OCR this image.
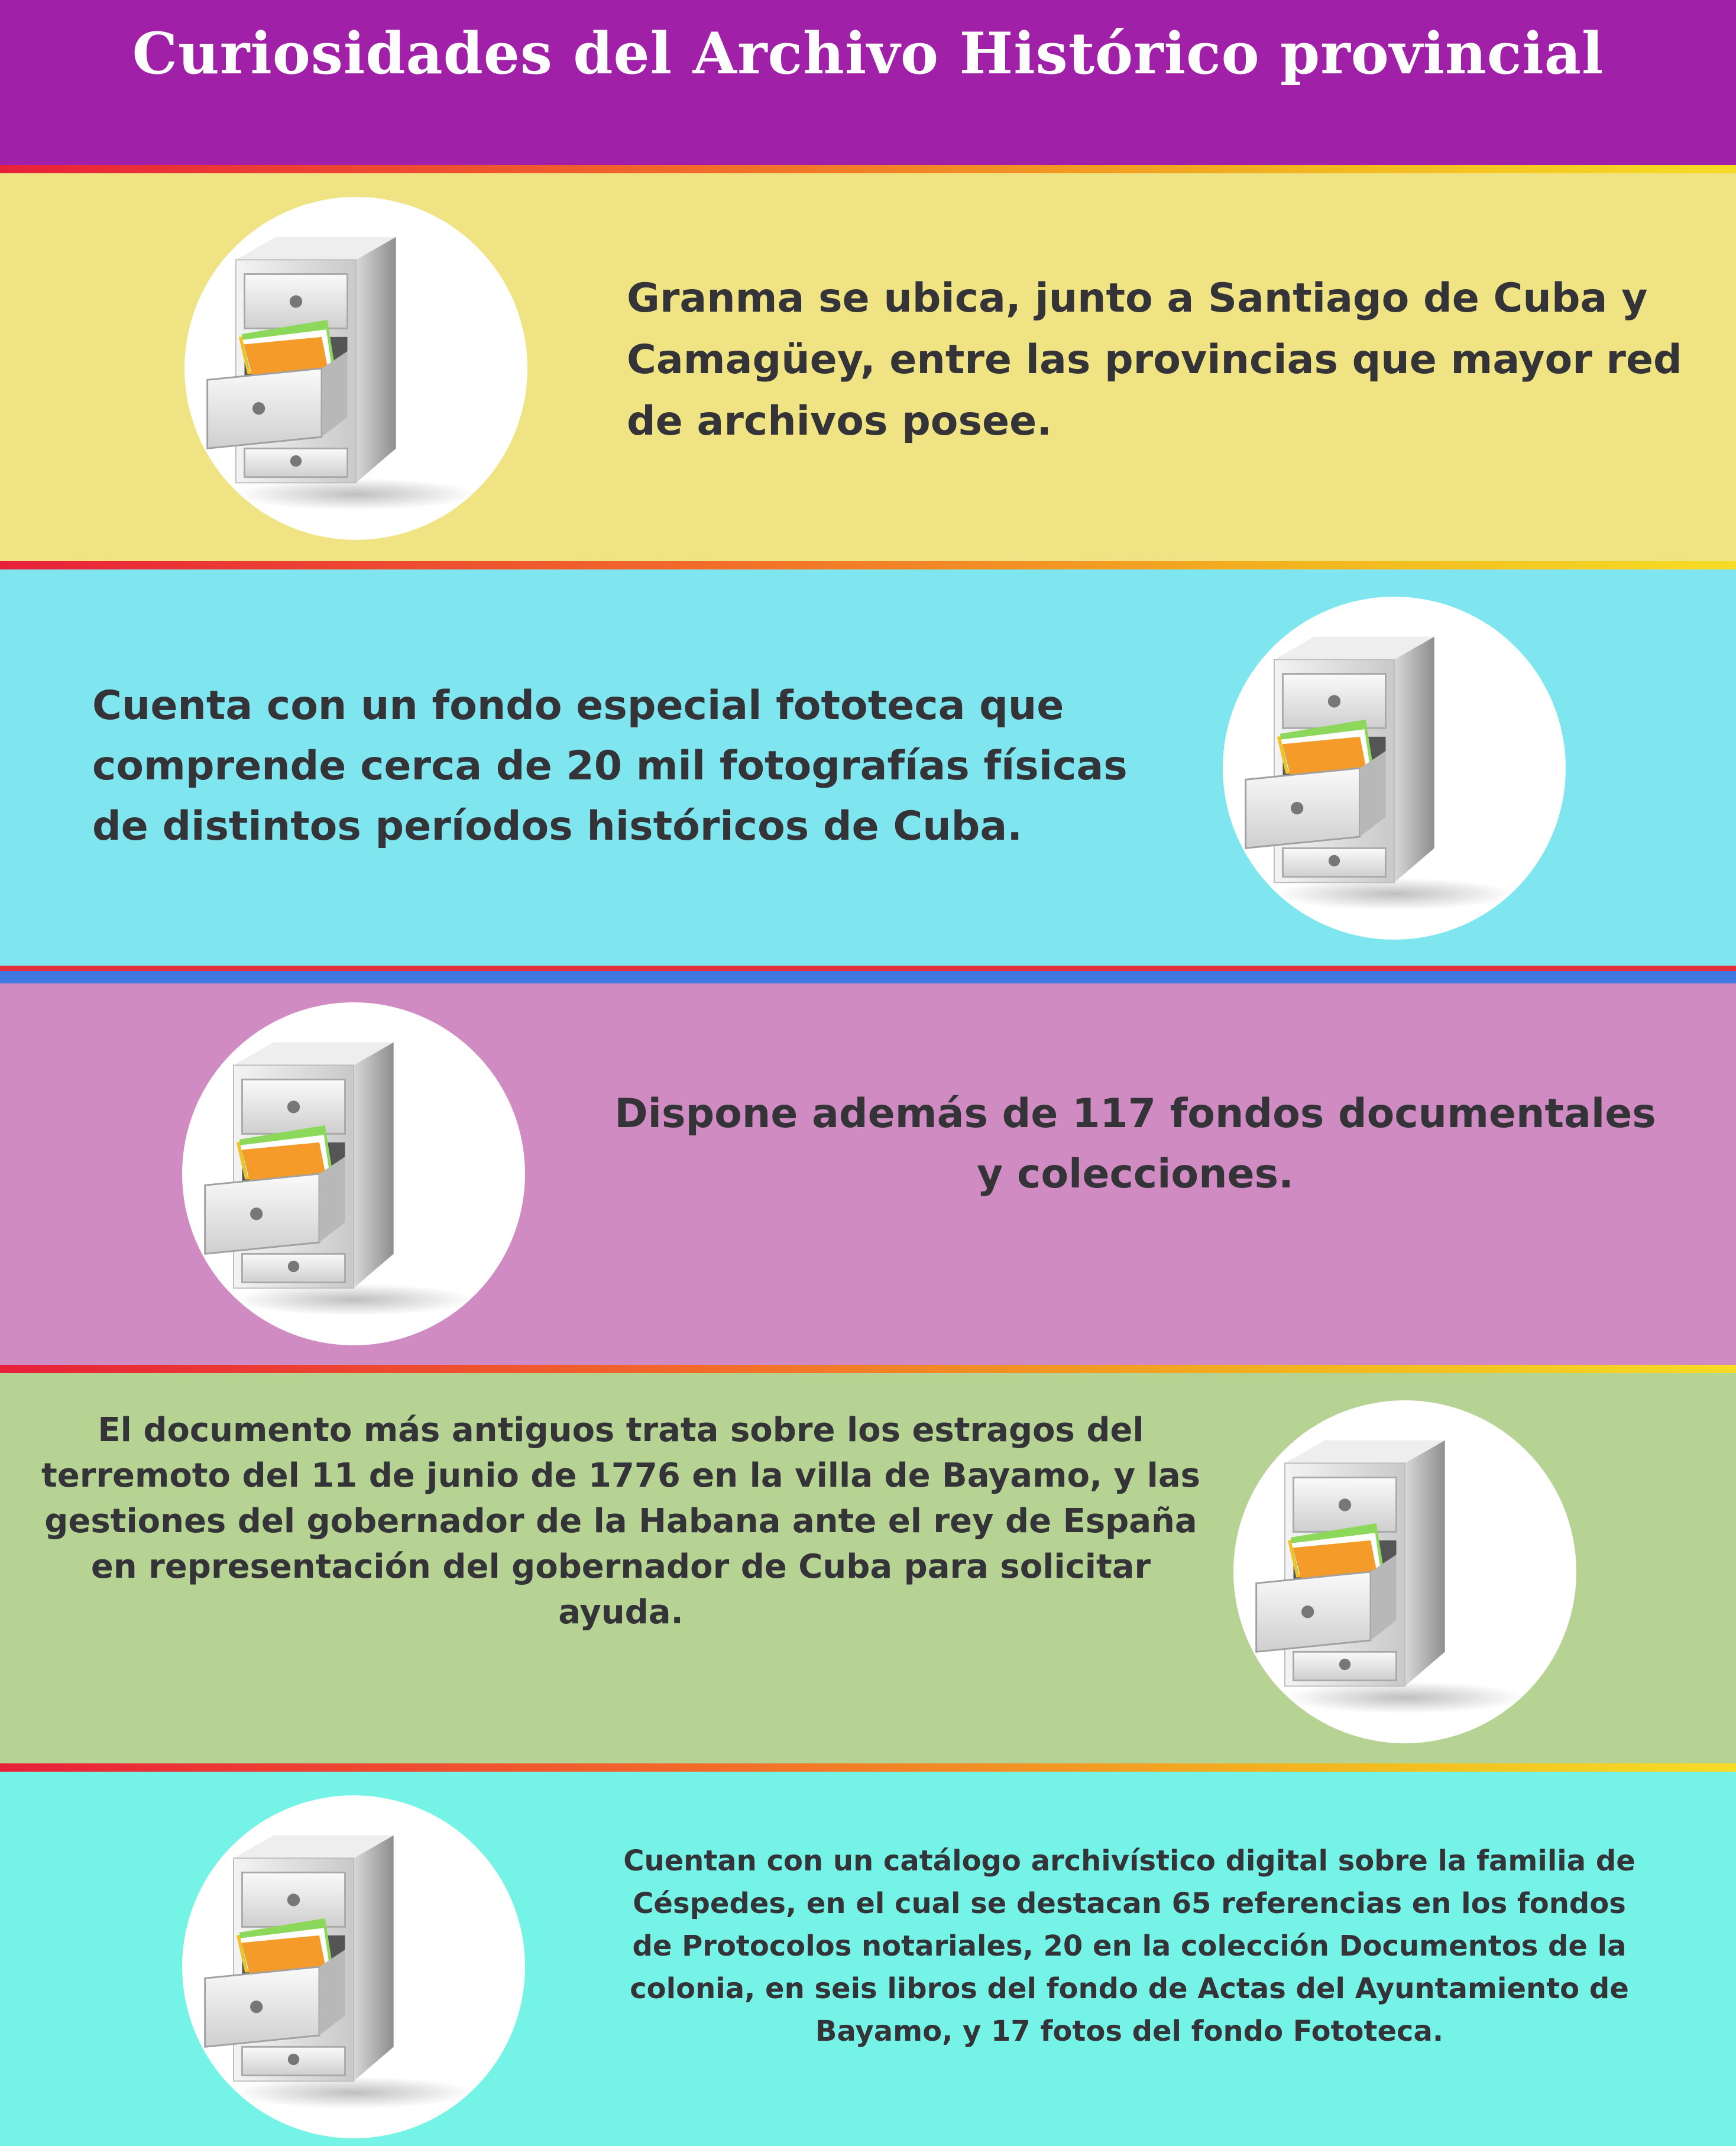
Curiosidades del Archivo Histórico provincial
Granma se ubica, junto a Santiago de Cuba y Camagüey, entre las provincias que mayor red de archivos posee.
Cuenta con un fondo especial fototeca que comprende cerca de 20 mil fotografías físicas de distintos períodos históricos de Cuba.
Dispone además de 117 fondos documentales y colecciones.
El documento más antiguos trata sobre los estragos del terremoto del 11 de junio de 1776 en la villa de Bayamo, y las gestiones del gobernador de la Habana ante el rey de España en representación del gobernador de Cuba para solicitar ayuda.
Cuentan con un catálogo archivístico digital sobre la familia de Céspedes, en el cual se destacan 65 referencias en los fondos de Protocolos notariales, 20 en la colección Documentos de la colonia, en seis libros del fondo de Actas del Ayuntamiento de Bayamo, y 17 fotos del fondo Fototeca.
